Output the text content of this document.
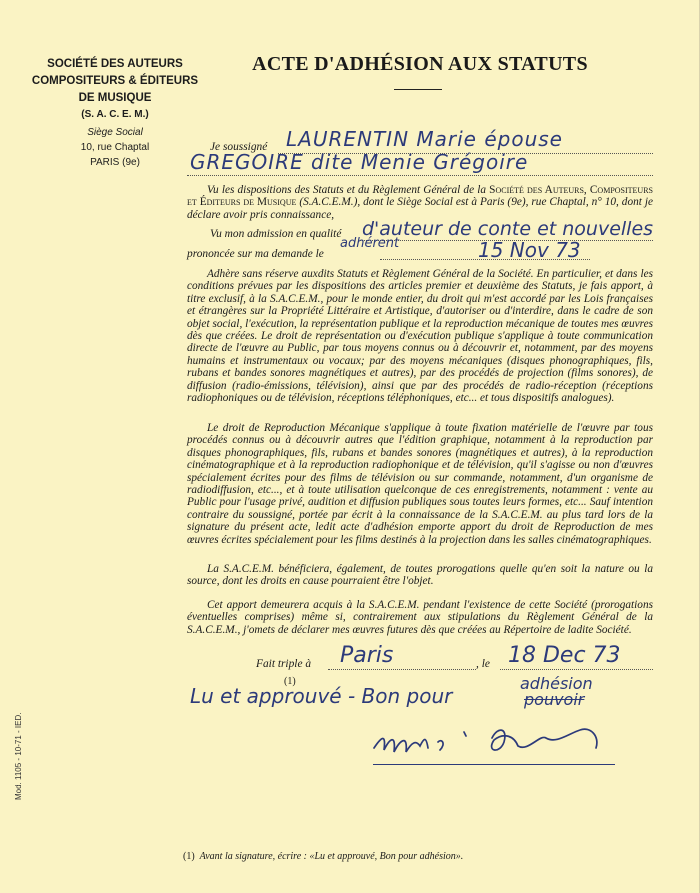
SOCIÉTÉ DES AUTEURS
COMPOSITEURS & ÉDITEURS
DE MUSIQUE
(S. A. C. E. M.)
Siège Social
10, rue Chaptal
PARIS (9e)
ACTE D'ADHÉSION AUX STATUTS
Je soussigné LAURENTIN Marie épouse
GREGOIRE dite Menie Grégoire
Vu les dispositions des Statuts et du Règlement Général de la Société des Auteurs, Compositeurs et Éditeurs de Musique (S.A.C.E.M.), dont le Siège Social est à Paris (9e), rue Chaptal, n° 10, dont je déclare avoir pris connaissance,
Vu mon admission en qualité d'auteur de conte et nouvelles
adhérent
prononcée sur ma demande le	15 Nov 73
Adhère sans réserve auxdits Statuts et Règlement Général de la Société. En particulier, et dans les conditions prévues par les dispositions des articles premier et deuxième des Statuts, je fais apport, à titre exclusif, à la S.A.C.E.M., pour le monde entier, du droit qui m'est accordé par les Lois françaises et étrangères sur la Propriété Littéraire et Artistique, d'autoriser ou d'interdire, dans le cadre de son objet social, l'exécution, la représentation publique et la reproduction mécanique de toutes mes œuvres dès que créées. Le droit de représentation ou d'exécution publique s'applique à toute communication directe de l'œuvre au Public, par tous moyens connus ou à découvrir et, notamment, par des moyens humains et instrumentaux ou vocaux; par des moyens mécaniques (disques phonographiques, fils, rubans et bandes sonores magnétiques et autres), par des procédés de projection (films sonores), de diffusion (radio-émissions, télévision), ainsi que par des procédés de radio-réception (réceptions radiophoniques ou de télévision, réceptions téléphoniques, etc... et tous dispositifs analogues).
Le droit de Reproduction Mécanique s'applique à toute fixation matérielle de l'œuvre par tous procédés connus ou à découvrir autres que l'édition graphique, notamment à la reproduction par disques phonographiques, fils, rubans et bandes sonores (magnétiques et autres), à la reproduction cinématographique et à la reproduction radiophonique et de télévision, qu'il s'agisse ou non d'œuvres spécialement écrites pour des films de télévision ou sur commande, notamment, d'un organisme de radiodiffusion, etc..., et à toute utilisation quelconque de ces enregistrements, notamment : vente au Public pour l'usage privé, audition et diffusion publiques sous toutes leurs formes, etc... Sauf intention contraire du soussigné, portée par écrit à la connaissance de la S.A.C.E.M. au plus tard lors de la signature du présent acte, ledit acte d'adhésion emporte apport du droit de Reproduction de mes œuvres écrites spécialement pour les films destinés à la projection dans les salles cinématographiques.
La S.A.C.E.M. bénéficiera, également, de toutes prorogations quelle qu'en soit la nature ou la source, dont les droits en cause pourraient être l'objet.
Cet apport demeurera acquis à la S.A.C.E.M. pendant l'existence de cette Société (prorogations éventuelles comprises) même si, contrairement aux stipulations du Règlement Général de la S.A.C.E.M., j'omets de déclarer mes œuvres futures dès que créées au Répertoire de ladite Société.
Fait triple à Paris	, le 18 Dec 73
(1)
Lu et approuvé - Bon pour
adhésion
pouvoir
Mod. 1105 - 10-71 - IED.
(1) Avant la signature, écrire : «Lu et approuvé, Bon pour adhésion».
